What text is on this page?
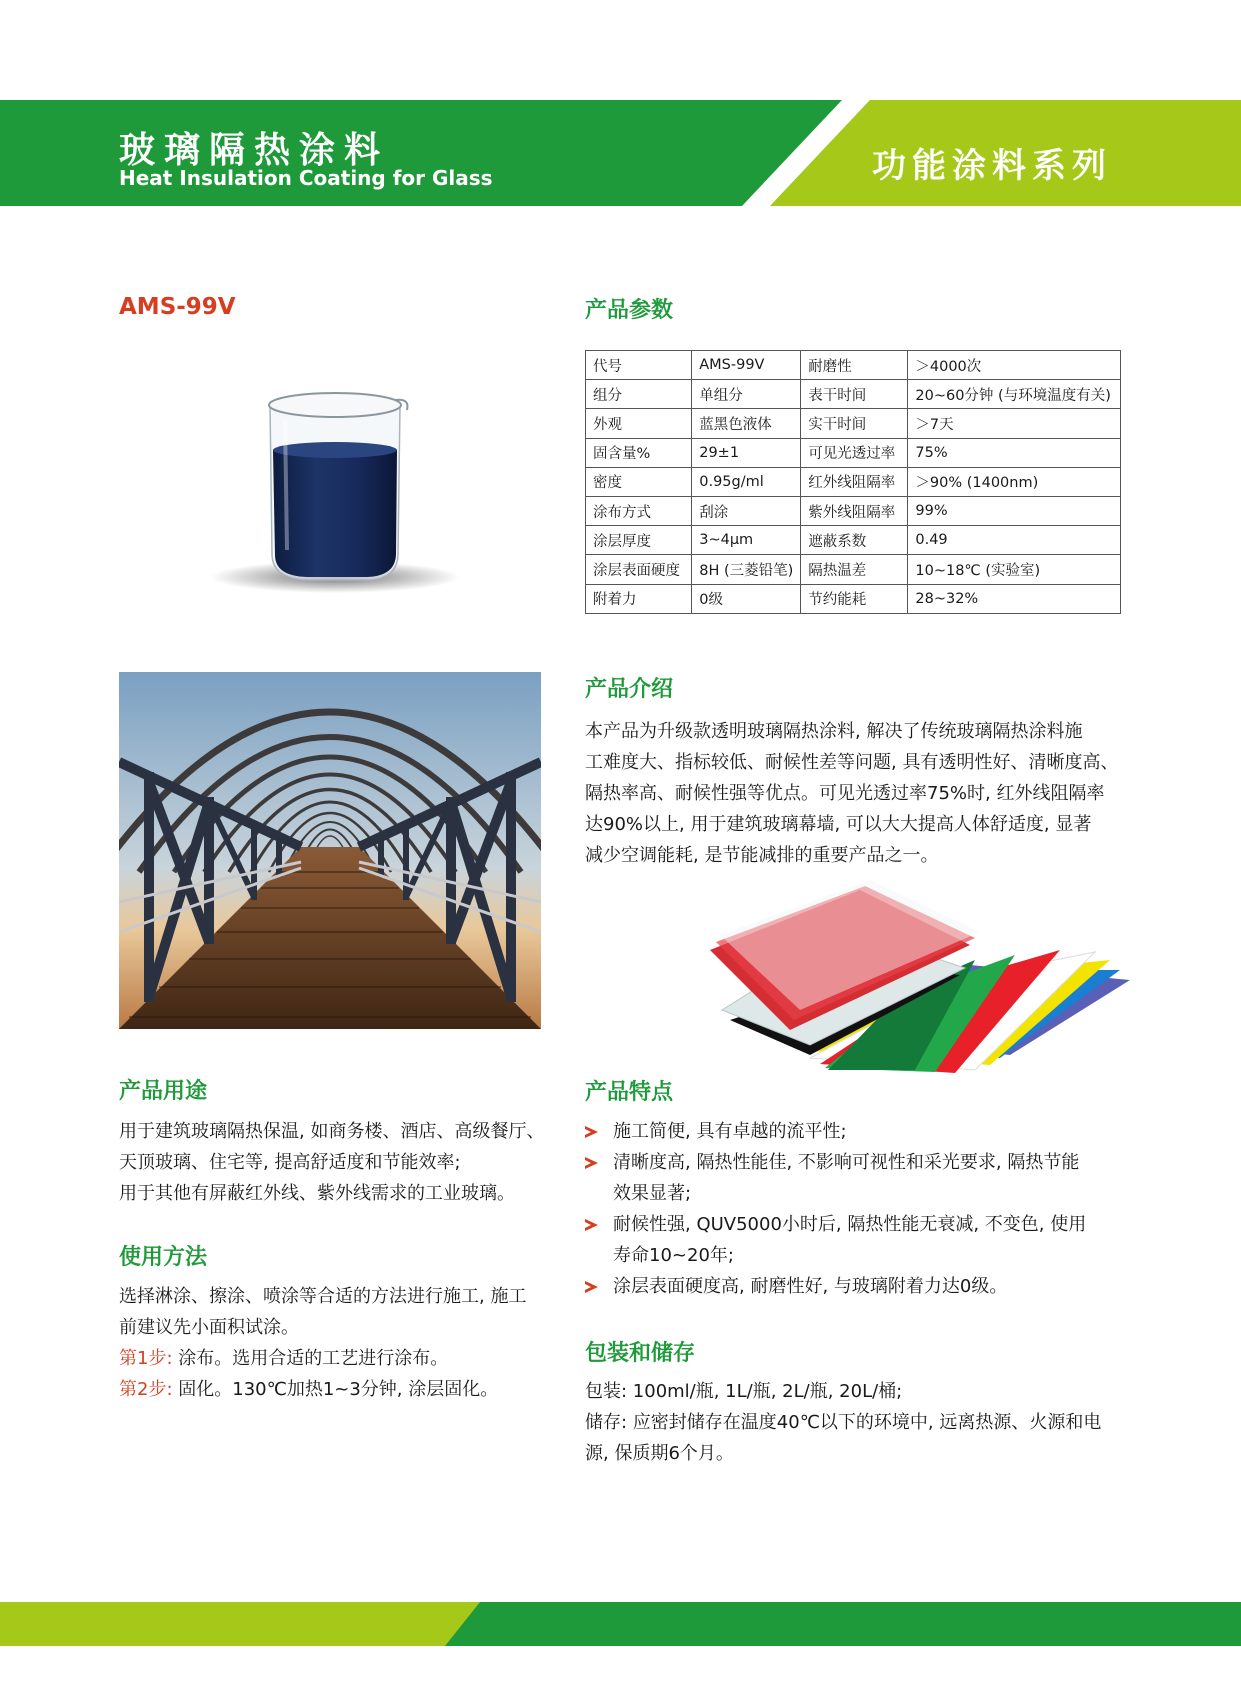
玻璃隔热涂料
Heat Insulation Coating for Glass	功能涂料系列
AMS-99V	产品参数
代号	AMS-99V	耐磨性	＞4000次
组分	单组分	表干时间	20~60分钟 (与环境温度有关)
外观	蓝黑色液体	实干时间	＞7天
固含量%	29±1	可见光透过率	75%
密度	0.95g/ml	红外线阻隔率	＞90% (1400nm)
涂布方式	刮涂	紫外线阻隔率	99%
涂层厚度	3~4μm	遮蔽系数	0.49
涂层表面硬度	8H (三菱铅笔)	隔热温差	10~18℃ (实验室)
附着力	0级	节约能耗	28~32%
产品介绍

本产品为升级款透明玻璃隔热涂料, 解决了传统玻璃隔热涂料施

工难度大、指标较低、耐候性差等问题, 具有透明性好、清晰度高、

隔热率高、耐候性强等优点。可见光透过率75%时, 红外线阻隔率

达90%以上, 用于建筑玻璃幕墙, 可以大大提高人体舒适度, 显著

减少空调能耗, 是节能减排的重要产品之一。

产品用途

用于建筑玻璃隔热保温, 如商务楼、酒店、高级餐厅、

天顶玻璃、住宅等, 提高舒适度和节能效率;

用于其他有屏蔽红外线、紫外线需求的工业玻璃。

使用方法

选择淋涂、擦涂、喷涂等合适的方法进行施工, 施工

前建议先小面积试涂。

第1步: 涂布。选用合适的工艺进行涂布。

第2步: 固化。130℃加热1~3分钟, 涂层固化。

产品特点
施工简便, 具有卓越的流平性;
清晰度高, 隔热性能佳, 不影响可视性和采光要求, 隔热节能
效果显著;
耐候性强, QUV5000小时后, 隔热性能无衰减, 不变色, 使用
寿命10~20年;
涂层表面硬度高, 耐磨性好, 与玻璃附着力达0级。
包装和储存

包装: 100ml/瓶, 1L/瓶, 2L/瓶, 20L/桶;

储存: 应密封储存在温度40℃以下的环境中, 远离热源、火源和电

源, 保质期6个月。
